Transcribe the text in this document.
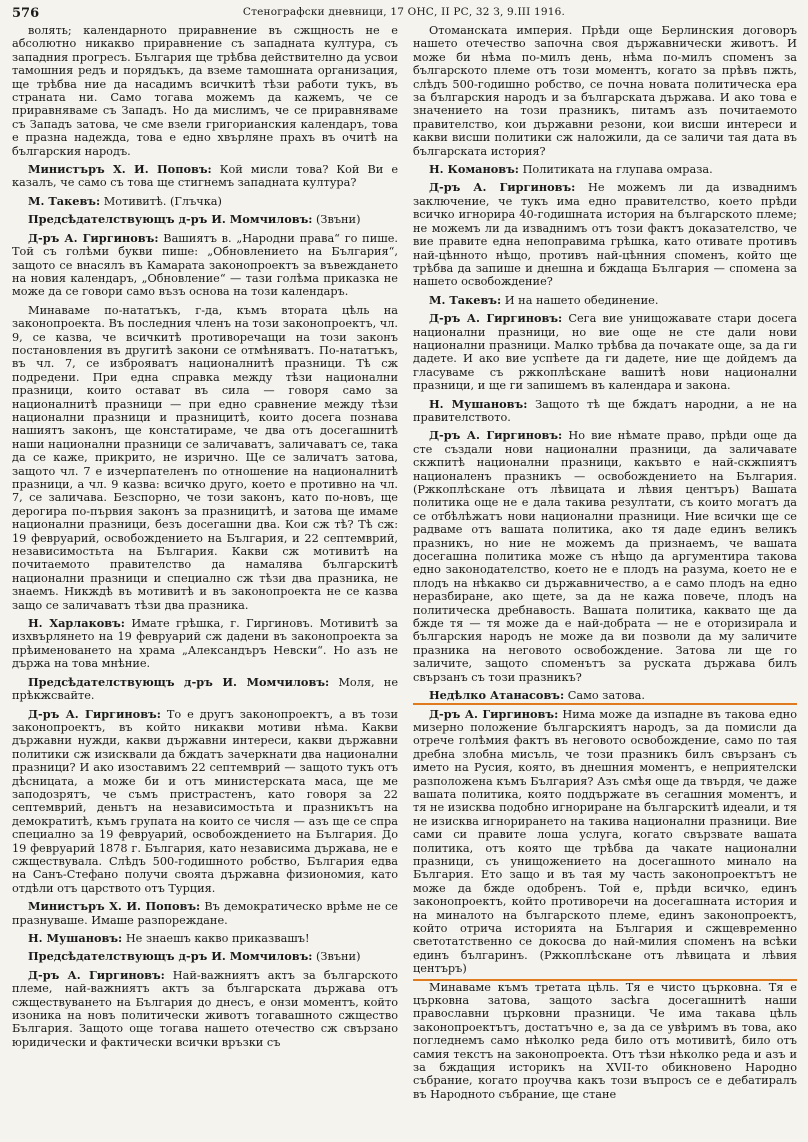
576	Стенографски дневници, 17 ОНС, II РС, 32 З, 9.III 1916.

волять; календарното приравнение въ сжщность не е абсолютно никакво приравнение съ западната култура, съ западния прогресъ. България ще трѣбва действително да усвои тамошния редъ и порядъкъ, да вземе тамошната организация, ще трѣбва ние да насадимъ всичкитѣ тѣзи работи тукъ, въ страната ни. Само тогава можемъ да кажемъ, че се приравняваме съ Западъ. Но да мислимъ, че се приравняваме съ Западъ затова, че сме взели григорианския календаръ, това е празна надежда, това е едно хвърляне прахъ въ очитѣ на българския народъ.

Министъръ Х. И. Поповъ: Кой мисли това? Кой Ви е казалъ, че само съ това ще стигнемъ западната култура?

М. Такевъ: Мотивитѣ. (Глъчка)

Предсѣдателствующъ д-ръ И. Момчиловъ: (Звъни)

Д-ръ А. Гиргиновъ: Вашиятъ в. „Народни права“ го пише. Той съ голѣми букви пише: „Обновлението на България“, защото се внасялъ въ Камарата законопроектъ за въвеждането на новия календаръ, „Обновление“ — тази голѣма приказка не може да се говори само възъ основа на този календаръ.

Минаваме по-нататъкъ, г-да, къмъ втората цѣль на законопроекта. Въ последния членъ на този законопроектъ, чл. 9, се казва, че всичкитѣ противоречащи на този законъ постановления въ другитѣ закони се отмѣняватъ. По-нататъкъ, въ чл. 7, се изброяватъ националнитѣ празници. Тѣ сж подредени. При една справка между тѣзи национални празници, които остават въ сила — говоря само за националнитѣ празници — при едно сравнение между тѣзи национални празници и празницитѣ, които досега познава нашиятъ законъ, ще констатираме, че два отъ досегашнитѣ наши национални празници се заличаватъ, заличаватъ се, така да се каже, прикрито, не изрично. Ще се заличатъ затова, защото чл. 7 е изчерпателенъ по отношение на националнитѣ празници, а чл. 9 казва: всичко друго, което е противно на чл. 7, се заличава. Безспорно, че този законъ, като по-новъ, ще дерогира по-първия законъ за празницитѣ, и затова ще имаме национални празници, безъ досегашни два. Кои сж тѣ? Тѣ сж: 19 февруарий, освобождението на България, и 22 септемврий, независимостьта на България. Какви сж мотивитѣ на почитаемото правителство да намалява българскитѣ национални празници и специално сж тѣзи два празника, не знаемъ. Никждѣ въ мотивитѣ и въ законопроекта не се казва защо се заличаватъ тѣзи два празника.

Н. Харлаковъ: Имате грѣшка, г. Гиргиновъ. Мотивитѣ за изхвърлянето на 19 февруарий сж дадени въ законопроекта за прѣименоването на храма „Александъръ Невски“. Но азъ не държа на това мнѣние.

Предсѣдателствующъ д-ръ И. Момчиловъ: Моля, не прѣкжсвайте.

Д-ръ А. Гиргиновъ: То е другъ законопроектъ, а въ този законопроектъ, въ който никакви мотиви нѣма. Какви държавни нужди, какви държавни интереси, какви държавни политики сж изисквали да бждатъ зачеркнати два национални празници? И ако изоставимъ 22 септемврий — защото тукъ отъ дѣсницата, а може би и отъ министерската маса, ще ме заподозрятъ, че съмъ пристрастенъ, като говоря за 22 септемврий, деньтъ на независимостьта и празникътъ на демократитѣ, къмъ групата на които се числя — азъ ще се спра специално за 19 февруарий, освобождението на България. До 19 февруарий 1878 г. България, като независима държава, не е сжществувала. Слѣдъ 500-годишното робство, България едва на Санъ-Стефано получи своята държавна физиономия, като отдѣли отъ царството отъ Турция.

Министъръ Х. И. Поповъ: Въ демократическо врѣме не се празнуваше. Имаше разпореждане.

Н. Мушановъ: Не знаешъ какво приказвашъ!

Предсѣдателствующъ д-ръ И. Момчиловъ: (Звъни)

Д-ръ А. Гиргиновъ: Най-важниятъ актъ за българското племе, най-важниятъ актъ за българската държава отъ сжществуването на България до днесъ, е онзи моментъ, който изоника на новъ политически животъ тогавашното сжщество България. Защото още тогава нашето отечество сж свързано юридически и фактически всички връзки съ

Отоманската империя. Прѣди още Берлинския договоръ нашето отечество започна своя държавнически животъ. И може би нѣма по-милъ день, нѣма по-милъ споменъ за българското племе отъ този моментъ, когато за прѣвъ пжть, слѣдъ 500-годишно робство, се почна новата политическа ера за българския народъ и за българската държава. И ако това е значението на този празникъ, питамъ азъ почитаемото правителство, кои държавни резони, кои висши интереси и какви висши политики сж наложили, да се заличи тая дата въ българската история?

Н. Комановъ: Политиката на глупава омраза.

Д-ръ А. Гиргиновъ: Не можемъ ли да изваднимъ заключение, че тукъ има едно правителство, което прѣди всичко игнорира 40-годишната история на българското племе; не можемъ ли да изваднимъ отъ този фактъ доказателство, че вие правите една непоправима грѣшка, като отивате противъ най-цѣнното нѣщо, противъ най-цѣнния споменъ, който ще трѣбва да запише и днешна и бждаща България — спомена за нашето освобождение?

М. Такевъ: И на нашето обединение.

Д-ръ А. Гиргиновъ: Сега вие унищожавате стари досега национални празници, но вие още не сте дали нови национални празници. Малко трѣбва да почакате още, за да ги дадете. И ако вие успѣете да ги дадете, ние ще дойдемъ да гласуваме съ ржкоплѣскане вашитѣ нови национални празници, и ще ги запишемъ въ календара и закона.

Н. Мушановъ: Защото тѣ ще бждатъ народни, а не на правителството.

Д-ръ А. Гиргиновъ: Но вие нѣмате право, прѣди още да сте създали нови национални празници, да заличавате скжпитѣ национални празници, какъвто е най-скжпиятъ националенъ празникъ — освобождението на България. (Ржкоплѣскане отъ лѣвицата и лѣвия центъръ) Вашата политика още не е дала такива резултати, съ които могатъ да се отбѣлѣжатъ нови национални празници. Ние всички ще се радваме отъ вашата политика, ако тя даде единъ великъ празникъ, но ние не можемъ да признаемъ, че вашата досегашна политика може съ нѣщо да аргументира такова едно законодателство, което не е плодъ на разума, което не е плодъ на нѣкакво си държавничество, а е само плодъ на едно неразбиране, ако щете, за да не кажа повече, плодъ на политическа дребнавость. Вашата политика, каквато ще да бжде тя — тя може да е най-добрата — не е оторизирала и българския народъ не може да ви позволи да му заличите празника на неговото освобождение. Затова ли ще го заличите, защото споменътъ за руската държава билъ свързанъ съ този празникъ?

Недѣлко Атанасовъ: Само затова.

Д-ръ А. Гиргиновъ: Нима може да изпадне въ такова едно мизерно положение българскиятъ народъ, за да помисли да отрече голѣмия фактъ въ неговото освобождение, само по тая дребна злобна мисъль, че този празникъ билъ свързанъ съ името на Русия, която, въ днешния моментъ, е неприятелски разположена къмъ България? Азъ смѣя още да твърдя, че даже вашата политика, която поддържате въ сегашния моментъ, и тя не изисква подобно игнориране на българскитѣ идеали, и тя не изисква игнорирането на такива национални празници. Вие сами си правите лоша услуга, когато свързвате вашата политика, отъ която ще трѣбва да чакате национални празници, съ унищожението на досегашното минало на България. Ето защо и въ тая му часть законопроектътъ не може да бжде одобренъ. Той е, прѣди всичко, единъ законопроектъ, който противоречи на досегашната история и на миналото на българското племе, единъ законопроектъ, който отрича историята на България и сжщевременно светотатственно се докосва до най-милия споменъ на всѣки единъ българинъ. (Ржкоплѣскане отъ лѣвицата и лѣвия центъръ)

Минаваме къмъ третата цѣль. Тя е чисто църковна. Тя е църковна затова, защото засѣга досегашнитѣ наши православни църковни празници. Че има такава цѣль законопроектътъ, достатъчно е, за да се увѣримъ въ това, ако погледнемъ само нѣколко реда било отъ мотивитѣ, било отъ самия текстъ на законопроекта. Отъ тѣзи нѣколко реда и азъ и за бждащия историкъ на XVII-то обикновено Народно събрание, когато проучва какъ този въпросъ се е дебатиралъ въ Народното събрание, ще стане
